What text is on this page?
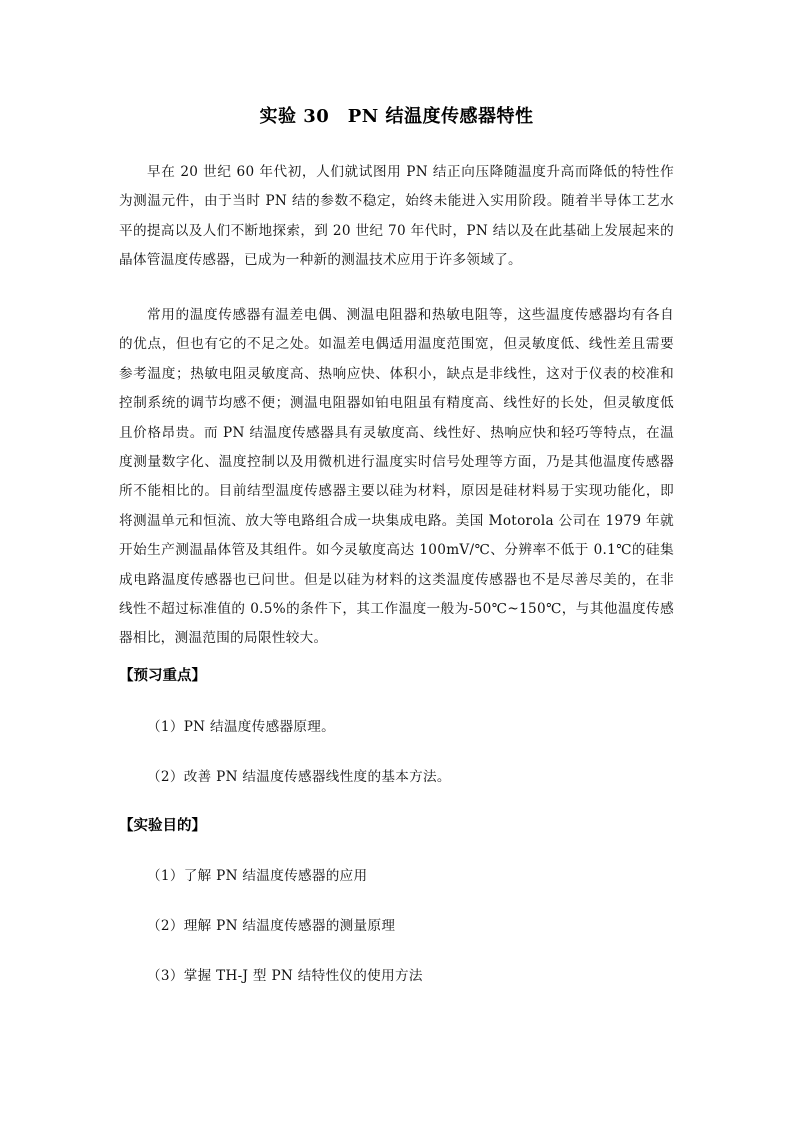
实验 30　PN 结温度传感器特性

早在 20 世纪 60 年代初，人们就试图用 PN 结正向压降随温度升高而降低的特性作为测温元件，由于当时 PN 结的参数不稳定，始终未能进入实用阶段。随着半导体工艺水平的提高以及人们不断地探索，到 20 世纪 70 年代时，PN 结以及在此基础上发展起来的晶体管温度传感器，已成为一种新的测温技术应用于许多领域了。

常用的温度传感器有温差电偶、测温电阻器和热敏电阻等，这些温度传感器均有各自的优点，但也有它的不足之处。如温差电偶适用温度范围宽，但灵敏度低、线性差且需要参考温度；热敏电阻灵敏度高、热响应快、体积小，缺点是非线性，这对于仪表的校准和控制系统的调节均感不便；测温电阻器如铂电阻虽有精度高、线性好的长处，但灵敏度低且价格昂贵。而 PN 结温度传感器具有灵敏度高、线性好、热响应快和轻巧等特点，在温度测量数字化、温度控制以及用微机进行温度实时信号处理等方面，乃是其他温度传感器所不能相比的。目前结型温度传感器主要以硅为材料，原因是硅材料易于实现功能化，即将测温单元和恒流、放大等电路组合成一块集成电路。美国 Motorola 公司在 1979 年就开始生产测温晶体管及其组件。如今灵敏度高达 100mV/℃、分辨率不低于 0.1℃的硅集成电路温度传感器也已问世。但是以硅为材料的这类温度传感器也不是尽善尽美的，在非线性不超过标准值的 0.5%的条件下，其工作温度一般为-50℃~150℃，与其他温度传感器相比，测温范围的局限性较大。

【预习重点】
（1）PN 结温度传感器原理。
（2）改善 PN 结温度传感器线性度的基本方法。
【实验目的】
（1）了解 PN 结温度传感器的应用
（2）理解 PN 结温度传感器的测量原理
（3）掌握 TH-J 型 PN 结特性仪的使用方法
